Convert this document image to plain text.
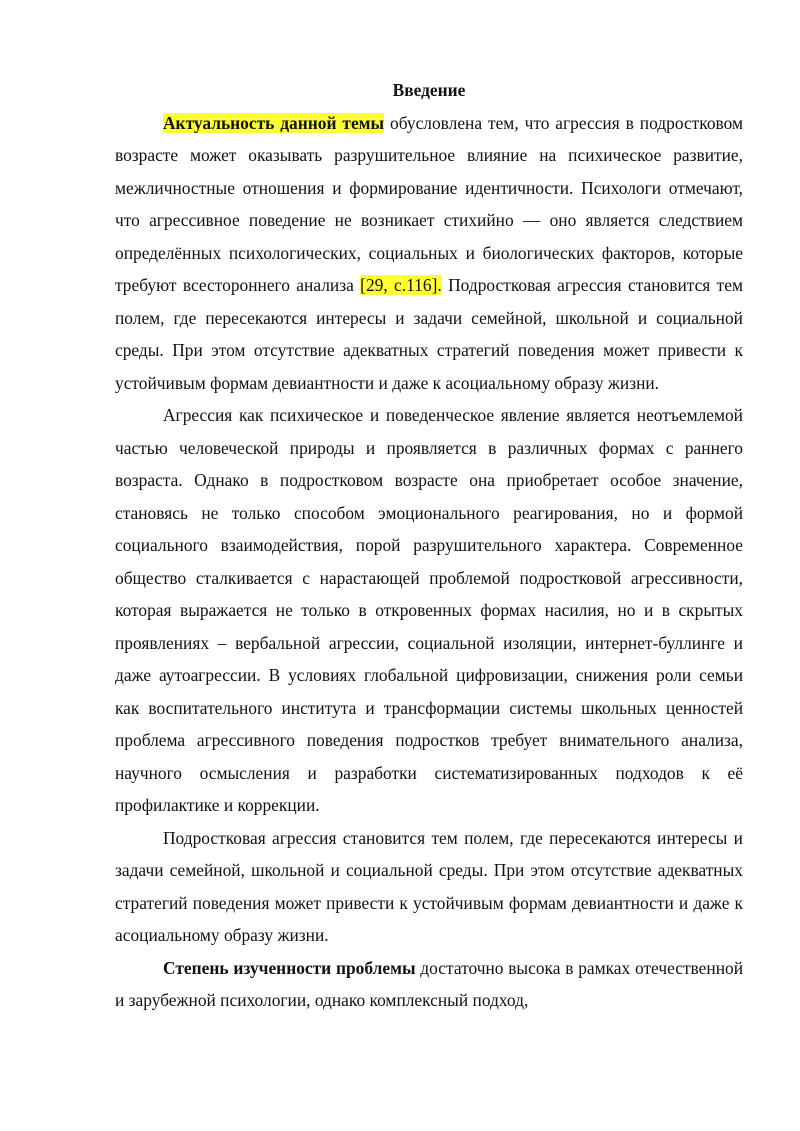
Введение

Актуальность данной темы обусловлена тем, что агрессия в подростковом возрасте может оказывать разрушительное влияние на психическое развитие, межличностные отношения и формирование идентичности. Психологи отмечают, что агрессивное поведение не возникает стихийно — оно является следствием определённых психологических, социальных и биологических факторов, которые требуют всестороннего анализа [29, с.116]. Подростковая агрессия становится тем полем, где пересекаются интересы и задачи семейной, школьной и социальной среды. При этом отсутствие адекватных стратегий поведения может привести к устойчивым формам девиантности и даже к асоциальному образу жизни.

Агрессия как психическое и поведенческое явление является неотъемлемой частью человеческой природы и проявляется в различных формах с раннего возраста. Однако в подростковом возрасте она приобретает особое значение, становясь не только способом эмоционального реагирования, но и формой социального взаимодействия, порой разрушительного характера. Современное общество сталкивается с нарастающей проблемой подростковой агрессивности, которая выражается не только в откровенных формах насилия, но и в скрытых проявлениях – вербальной агрессии, социальной изоляции, интернет-буллинге и даже аутоагрессии. В условиях глобальной цифровизации, снижения роли семьи как воспитательного института и трансформации системы школьных ценностей проблема агрессивного поведения подростков требует внимательного анализа, научного осмысления и разработки систематизированных подходов к её профилактике и коррекции.

Подростковая агрессия становится тем полем, где пересекаются интересы и задачи семейной, школьной и социальной среды. При этом отсутствие адекватных стратегий поведения может привести к устойчивым формам девиантности и даже к асоциальному образу жизни.

Степень изученности проблемы достаточно высока в рамках отечественной и зарубежной психологии, однако комплексный подход,
